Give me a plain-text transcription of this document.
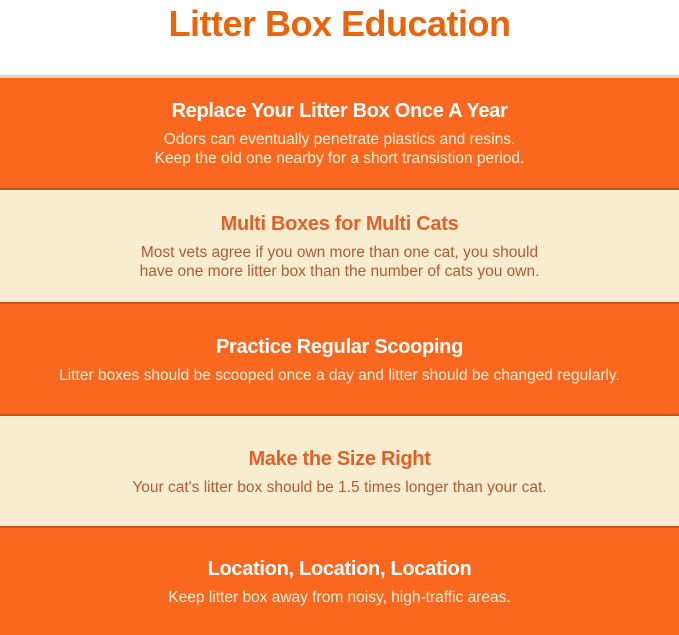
Litter Box Education
Replace Your Litter Box Once A Year

Odors can eventually penetrate plastics and resins.
Keep the old one nearby for a short transistion period.

Multi Boxes for Multi Cats

Most vets agree if you own more than one cat, you should
have one more litter box than the number of cats you own.

Practice Regular Scooping

Litter boxes should be scooped once a day and litter should be changed regularly.

Make the Size Right

Your cat's litter box should be 1.5 times longer than your cat.

Location, Location, Location

Keep litter box away from noisy, high-traffic areas.
